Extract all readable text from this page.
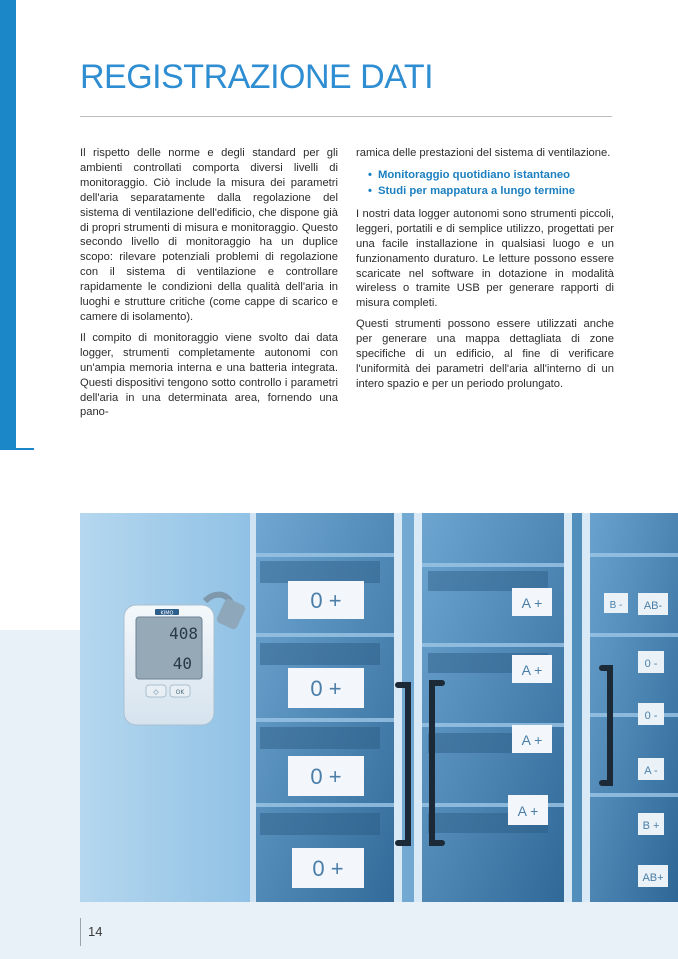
REGISTRAZIONE DATI

Il rispetto delle norme e degli standard per gli ambienti controllati comporta diversi livelli di monitoraggio. Ciò include la misura dei parametri dell'aria separatamente dalla regolazione del sistema di ventilazione dell'edificio, che dispone già di propri strumenti di misura e monitoraggio. Questo secondo livello di monitoraggio ha un duplice scopo: rilevare potenziali problemi di regolazione con il sistema di ventilazione e controllare rapidamente le condizioni della qualità dell'aria in luoghi e strutture critiche (come cappe di scarico e camere di isolamento).

Il compito di monitoraggio viene svolto dai data logger, strumenti completamente autonomi con un'ampia memoria interna e una batteria integrata. Questi dispositivi tengono sotto controllo i parametri dell'aria in una determinata area, fornendo una pano-

ramica delle prestazioni del sistema di ventilazione.

• Monitoraggio quotidiano istantaneo
• Studi per mappatura a lungo termine

I nostri data logger autonomi sono strumenti piccoli, leggeri, portatili e di semplice utilizzo, progettati per una facile installazione in qualsiasi luogo e un funzionamento duraturo. Le letture possono essere scaricate nel software in dotazione in modalità wireless o tramite USB per generare rapporti di misura completi.

Questi strumenti possono essere utilizzati anche per generare una mappa dettagliata di zone specifiche di un edificio, al fine di verificare l'uniformità dei parametri dell'aria all'interno di un intero spazio e per un periodo prolungato.

0 +
0 +
0 +
0 +
A +
A +
A +
A +
B - AB-
0 -
0 -
A -
B +
AB+
408
40
◇	OK
KIMO
14
